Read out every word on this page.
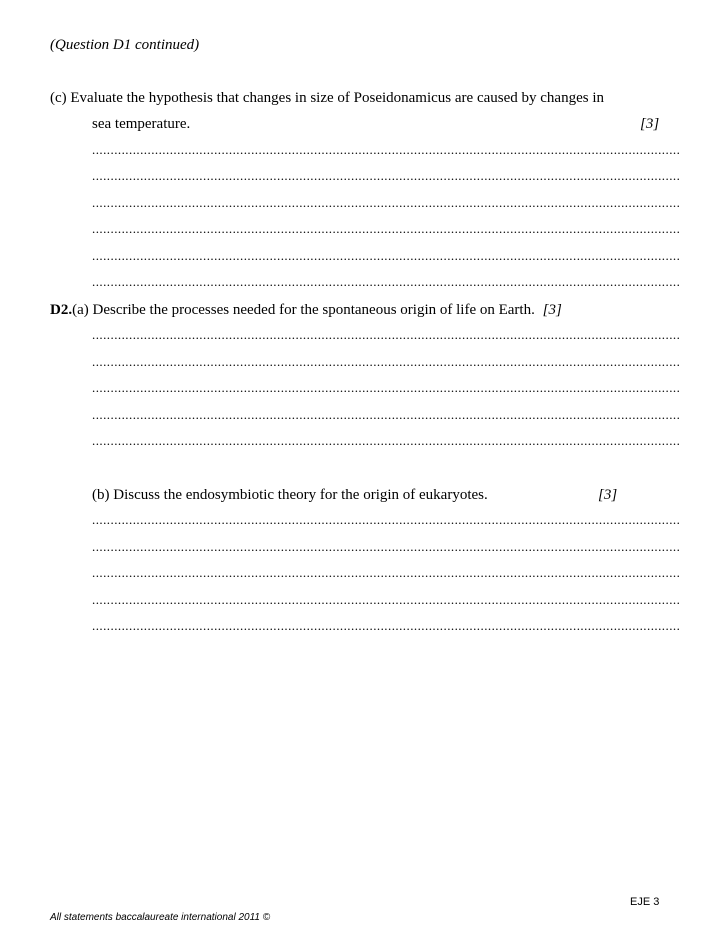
(Question D1 continued)
(c) Evaluate the hypothesis that changes in size of Poseidonamicus are caused by changes in
sea temperature.	[3]
...............................................................................................................................................................
...............................................................................................................................................................
...............................................................................................................................................................
...............................................................................................................................................................
...............................................................................................................................................................
...............................................................................................................................................................
D2.(a) Describe the processes needed for the spontaneous origin of life on Earth. [3]
...............................................................................................................................................................
...............................................................................................................................................................
...............................................................................................................................................................
...............................................................................................................................................................
...............................................................................................................................................................
(b) Discuss the endosymbiotic theory for the origin of eukaryotes.	[3]
...............................................................................................................................................................
...............................................................................................................................................................
...............................................................................................................................................................
...............................................................................................................................................................
...............................................................................................................................................................
EJE 3
All statements baccalaureate international 2011 ©
